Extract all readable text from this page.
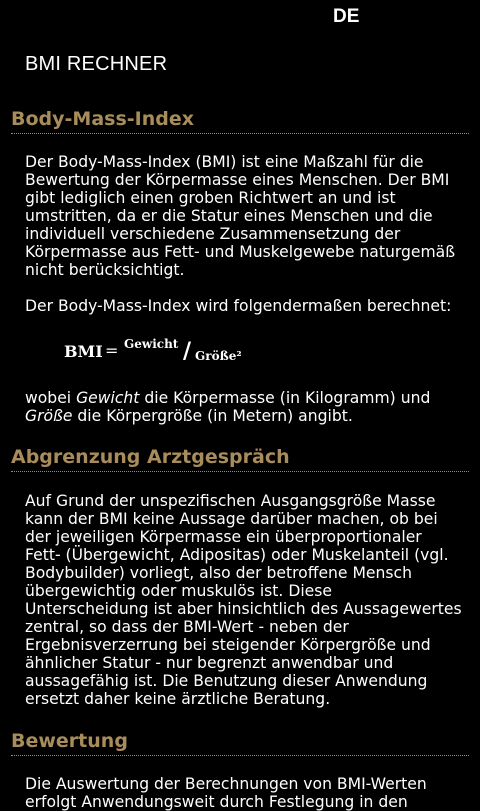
DE
BMI RECHNER
Body-Mass-Index

Der Body-Mass-Index (BMI) ist eine Maßzahl für die
Bewertung der Körpermasse eines Menschen. Der BMI
gibt lediglich einen groben Richtwert an und ist
umstritten, da er die Statur eines Menschen und die
individuell verschiedene Zusammensetzung der
Körpermasse aus Fett- und Muskelgewebe naturgemäß
nicht berücksichtigt.

Der Body-Mass-Index wird folgendermaßen berechnet:

BMI = Gewicht / Größe²

wobei Gewicht die Körpermasse (in Kilogramm) und
Größe die Körpergröße (in Metern) angibt.

Abgrenzung Arztgespräch

Auf Grund der unspezifischen Ausgangsgröße Masse
kann der BMI keine Aussage darüber machen, ob bei
der jeweiligen Körpermasse ein überproportionaler
Fett- (Übergewicht, Adipositas) oder Muskelanteil (vgl.
Bodybuilder) vorliegt, also der betroffene Mensch
übergewichtig oder muskulös ist. Diese
Unterscheidung ist aber hinsichtlich des Aussagewertes
zentral, so dass der BMI-Wert - neben der
Ergebnisverzerrung bei steigender Körpergröße und
ähnlicher Statur - nur begrenzt anwendbar und
aussagefähig ist. Die Benutzung dieser Anwendung
ersetzt daher keine ärztliche Beratung.

Bewertung

Die Auswertung der Berechnungen von BMI-Werten
erfolgt Anwendungsweit durch Festlegung in den
